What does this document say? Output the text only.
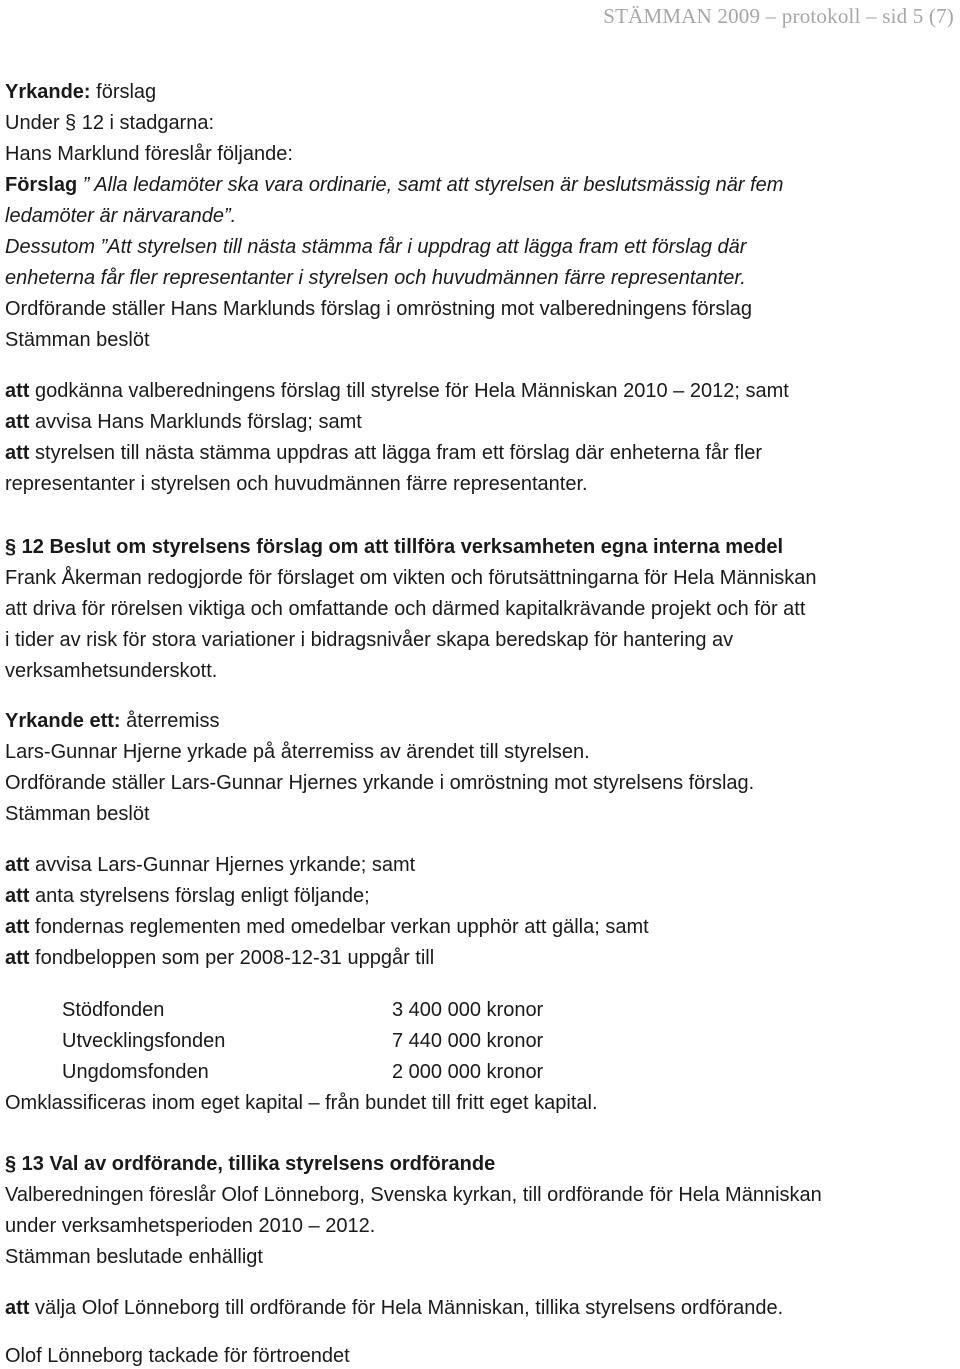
STÄMMAN 2009 – protokoll – sid 5 (7)
Yrkande: förslag
Under § 12 i stadgarna:
Hans Marklund föreslår följande:
Förslag ” Alla ledamöter ska vara ordinarie, samt att styrelsen är beslutsmässig när fem
ledamöter är närvarande”.
Dessutom ”Att styrelsen till nästa stämma får i uppdrag att lägga fram ett förslag där
enheterna får fler representanter i styrelsen och huvudmännen färre representanter.
Ordförande ställer Hans Marklunds förslag i omröstning mot valberedningens förslag
Stämman beslöt
att godkänna valberedningens förslag till styrelse för Hela Människan 2010 – 2012; samt
att avvisa Hans Marklunds förslag; samt
att styrelsen till nästa stämma uppdras att lägga fram ett förslag där enheterna får fler
representanter i styrelsen och huvudmännen färre representanter.
§ 12 Beslut om styrelsens förslag om att tillföra verksamheten egna interna medel
Frank Åkerman redogjorde för förslaget om vikten och förutsättningarna för Hela Människan
att driva för rörelsen viktiga och omfattande och därmed kapitalkrävande projekt och för att
i tider av risk för stora variationer i bidragsnivåer skapa beredskap för hantering av
verksamhetsunderskott.
Yrkande ett: återremiss
Lars-Gunnar Hjerne yrkade på återremiss av ärendet till styrelsen.
Ordförande ställer Lars-Gunnar Hjernes yrkande i omröstning mot styrelsens förslag.
Stämman beslöt
att avvisa Lars-Gunnar Hjernes yrkande; samt
att anta styrelsens förslag enligt följande;
att fondernas reglementen med omedelbar verkan upphör att gälla; samt
att fondbeloppen som per 2008-12-31 uppgår till
Stödfonden	3 400 000 kronor
Utvecklingsfonden	7 440 000 kronor
Ungdomsfonden	2 000 000 kronor
Omklassificeras inom eget kapital – från bundet till fritt eget kapital.
§ 13 Val av ordförande, tillika styrelsens ordförande
Valberedningen föreslår Olof Lönneborg, Svenska kyrkan, till ordförande för Hela Människan
under verksamhetsperioden 2010 – 2012.
Stämman beslutade enhälligt
att välja Olof Lönneborg till ordförande för Hela Människan, tillika styrelsens ordförande.
Olof Lönneborg tackade för förtroendet
